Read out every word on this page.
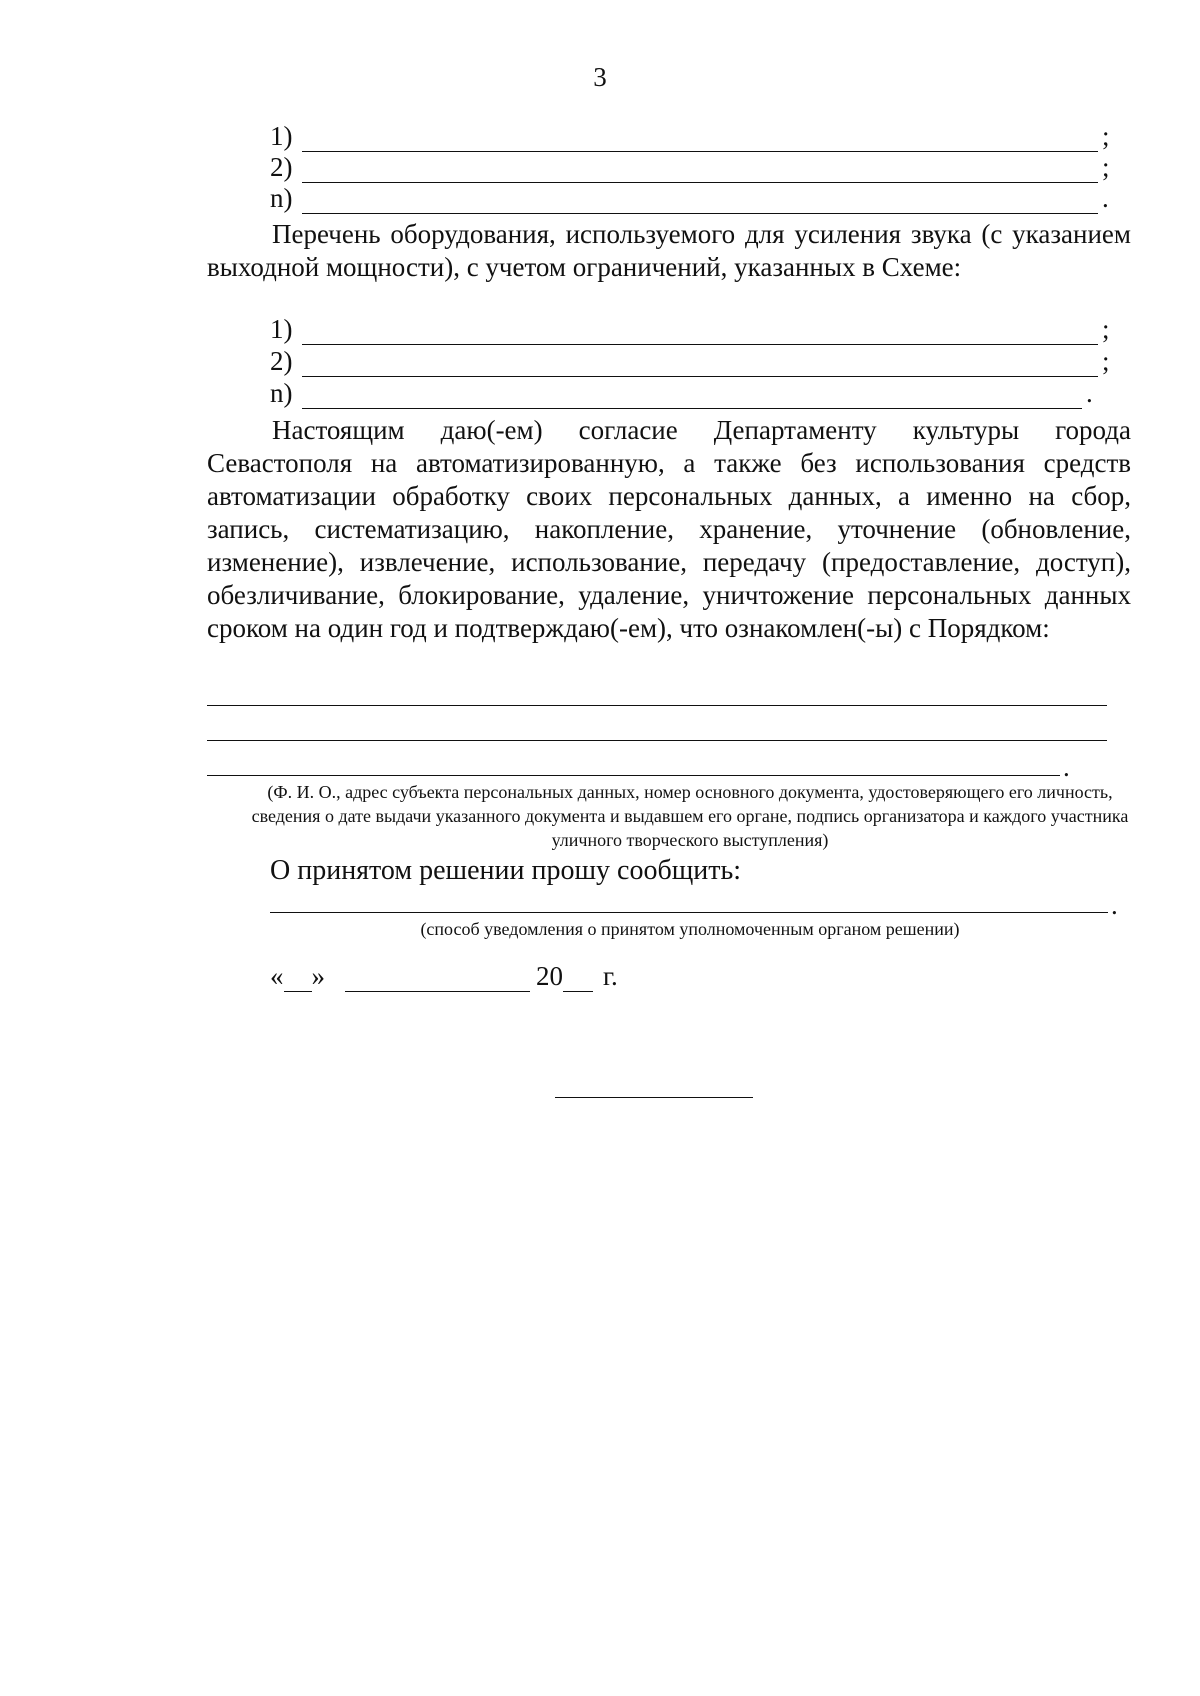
3
1)	;
2)	;
n)	.
Перечень оборудования, используемого для усиления звука (с указанием выходной мощности), с учетом ограничений, указанных в Схеме:
1)	;
2)	;
n)	.
Настоящим даю(-ем) согласие Департаменту культуры города Севастополя на автоматизированную, а также без использования средств автоматизации обработку своих персональных данных, а именно на сбор, запись, систематизацию, накопление, хранение, уточнение (обновление, изменение), извлечение, использование, передачу (предоставление, доступ), обезличивание, блокирование, удаление, уничтожение персональных данных сроком на один год и подтверждаю(-ем), что ознакомлен(-ы) с Порядком:
.
(Ф. И. О., адрес субъекта персональных данных, номер основного документа, удостоверяющего его личность, сведения о дате выдачи указанного документа и выдавшем его органе, подпись организатора и каждого участника уличного творческого выступления)
О принятом решении прошу сообщить:
.
(способ уведомления о принятом уполномоченным органом решении)
« »	20 г.
